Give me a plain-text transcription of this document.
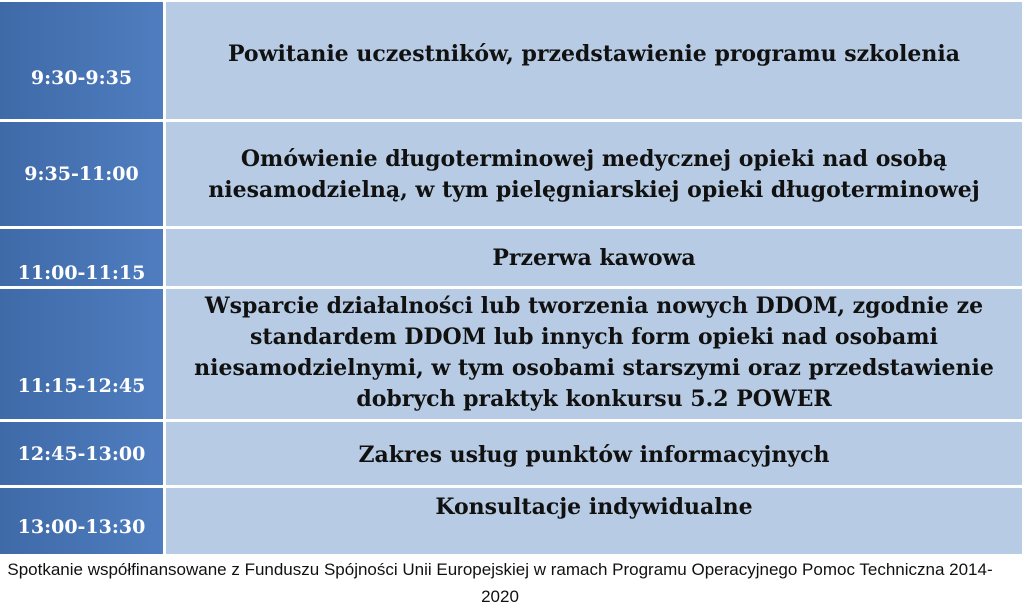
9:30-9:35
Powitanie uczestników, przedstawienie programu szkolenia
9:35-11:00
Omówienie długoterminowej medycznej opieki nad osobą niesamodzielną, w tym pielęgniarskiej opieki długoterminowej
11:00-11:15
Przerwa kawowa
11:15-12:45
Wsparcie działalności lub tworzenia nowych DDOM, zgodnie ze standardem DDOM lub innych form opieki nad osobami niesamodzielnymi, w tym osobami starszymi oraz przedstawienie dobrych praktyk konkursu 5.2 POWER
12:45-13:00	Zakres usług punktów informacyjnych
13:00-13:30
Konsultacje indywidualne
Spotkanie współfinansowane z Funduszu Spójności Unii Europejskiej w ramach Programu Operacyjnego Pomoc Techniczna 2014-2020
